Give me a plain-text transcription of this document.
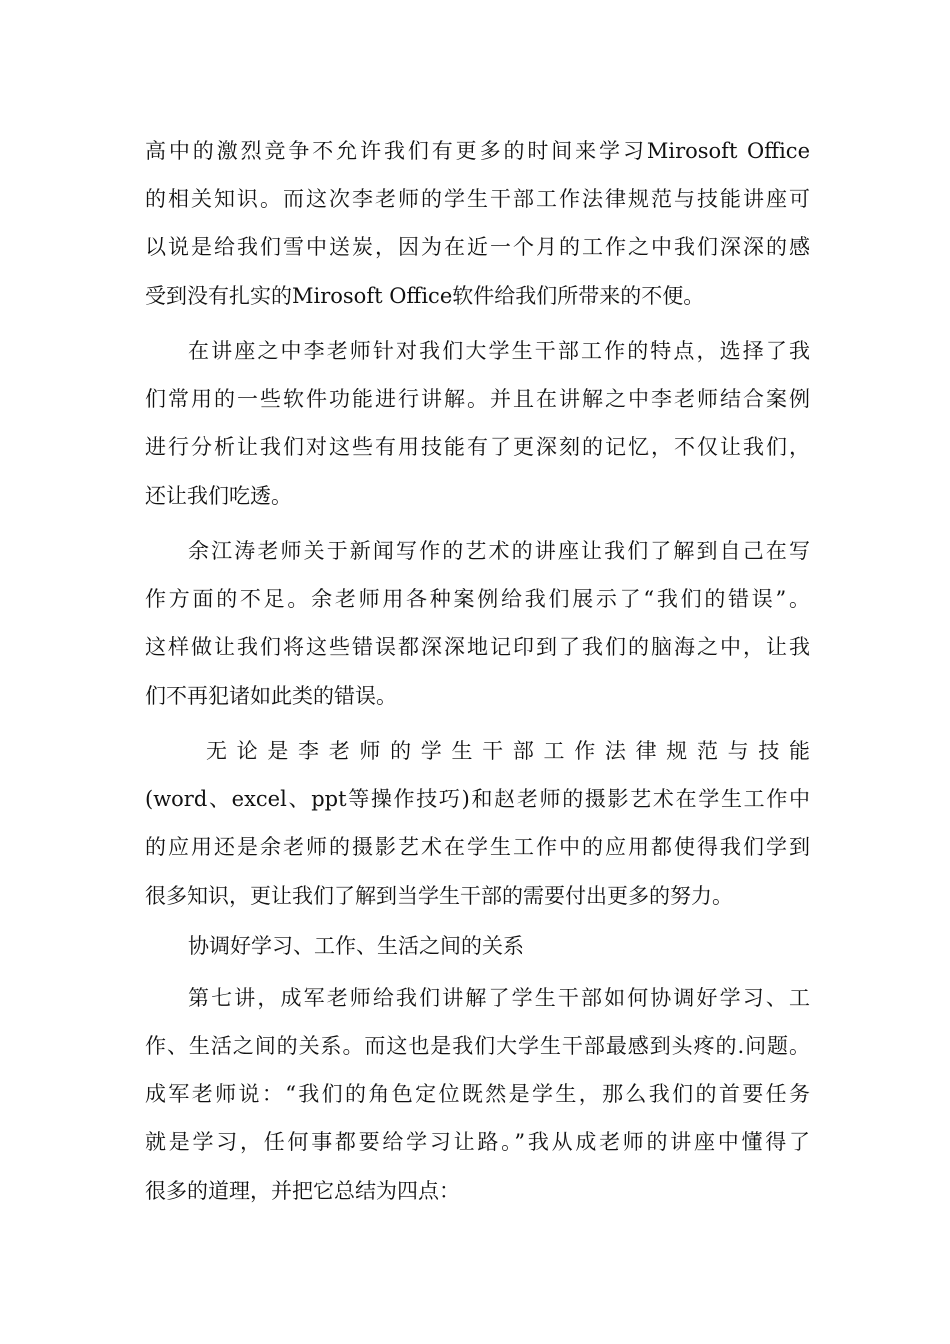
高中的激烈竞争不允许我们有更多的时间来学习Mirosoft Office
的相关知识。而这次李老师的学生干部工作法律规范与技能讲座可
以说是给我们雪中送炭，因为在近一个月的工作之中我们深深的感
受到没有扎实的Mirosoft Office软件给我们所带来的不便。
在讲座之中李老师针对我们大学生干部工作的特点，选择了我
们常用的一些软件功能进行讲解。并且在讲解之中李老师结合案例
进行分析让我们对这些有用技能有了更深刻的记忆，不仅让我们，
还让我们吃透。
余江涛老师关于新闻写作的艺术的讲座让我们了解到自己在写
作方面的不足。余老师用各种案例给我们展示了“我们的错误”。
这样做让我们将这些错误都深深地记印到了我们的脑海之中，让我
们不再犯诸如此类的错误。
无论是李老师的学生干部工作法律规范与技能
(word、excel、ppt等操作技巧)和赵老师的摄影艺术在学生工作中
的应用还是余老师的摄影艺术在学生工作中的应用都使得我们学到
很多知识，更让我们了解到当学生干部的需要付出更多的努力。
协调好学习、工作、生活之间的关系
第七讲，成军老师给我们讲解了学生干部如何协调好学习、工
作、生活之间的关系。而这也是我们大学生干部最感到头疼的.问题。
成军老师说：“我们的角色定位既然是学生，那么我们的首要任务
就是学习，任何事都要给学习让路。”我从成老师的讲座中懂得了
很多的道理，并把它总结为四点：
